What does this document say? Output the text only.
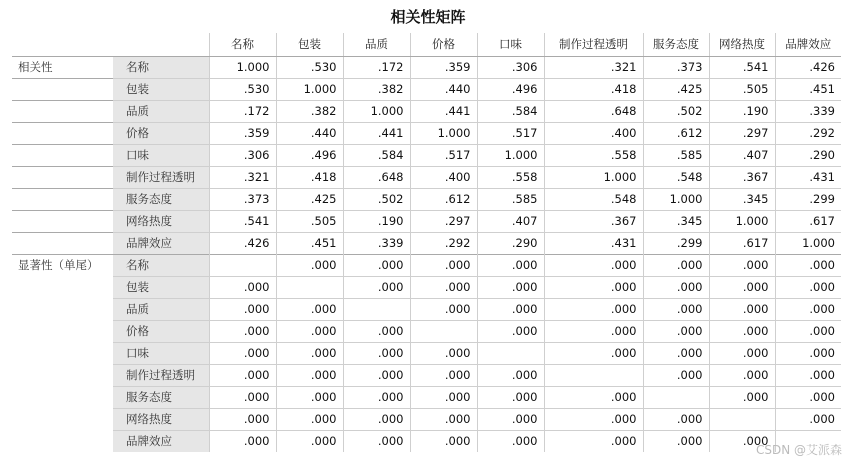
相关性矩阵
		名称	包装	品质	价格	口味	制作过程透明	服务态度	网络热度	品牌效应
相关性	名称	1.000	.530	.172	.359	.306	.321	.373	.541	.426
	包装	.530	1.000	.382	.440	.496	.418	.425	.505	.451
	品质	.172	.382	1.000	.441	.584	.648	.502	.190	.339
	价格	.359	.440	.441	1.000	.517	.400	.612	.297	.292
	口味	.306	.496	.584	.517	1.000	.558	.585	.407	.290
	制作过程透明	.321	.418	.648	.400	.558	1.000	.548	.367	.431
	服务态度	.373	.425	.502	.612	.585	.548	1.000	.345	.299
	网络热度	.541	.505	.190	.297	.407	.367	.345	1.000	.617
	品牌效应	.426	.451	.339	.292	.290	.431	.299	.617	1.000
显著性（单尾）	名称		.000	.000	.000	.000	.000	.000	.000	.000
	包装	.000		.000	.000	.000	.000	.000	.000	.000
	品质	.000	.000		.000	.000	.000	.000	.000	.000
	价格	.000	.000	.000		.000	.000	.000	.000	.000
	口味	.000	.000	.000	.000		.000	.000	.000	.000
	制作过程透明	.000	.000	.000	.000	.000		.000	.000	.000
	服务态度	.000	.000	.000	.000	.000	.000		.000	.000
	网络热度	.000	.000	.000	.000	.000	.000	.000		.000
	品牌效应	.000	.000	.000	.000	.000	.000	.000	.000	
CSDN @艾派森
